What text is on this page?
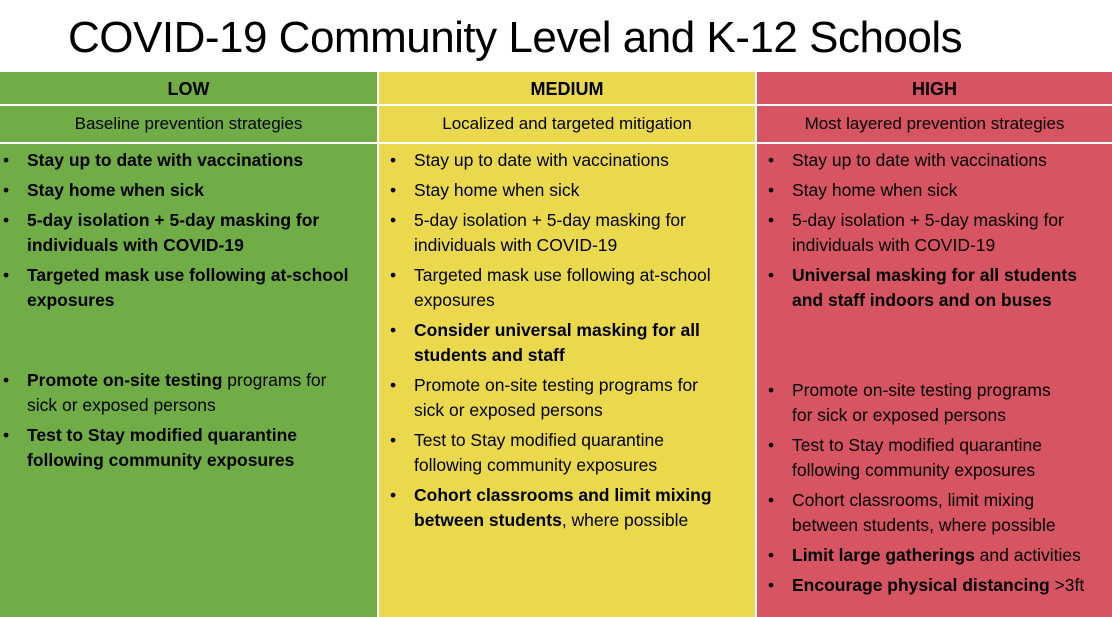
COVID-19 Community Level and K-12 Schools
LOW
Baseline prevention strategies
• Stay up to date with vaccinations
• Stay home when sick
• 5-day isolation + 5-day masking for
individuals with COVID-19
• Targeted mask use following at-school
exposures
• Promote on-site testing programs for
sick or exposed persons
• Test to Stay modified quarantine
following community exposures
MEDIUM
Localized and targeted mitigation
• Stay up to date with vaccinations
• Stay home when sick
• 5-day isolation + 5-day masking for
individuals with COVID-19
• Targeted mask use following at-school
exposures
• Consider universal masking for all
students and staff
• Promote on-site testing programs for
sick or exposed persons
• Test to Stay modified quarantine
following community exposures
• Cohort classrooms and limit mixing
between students, where possible
HIGH
Most layered prevention strategies
• Stay up to date with vaccinations
• Stay home when sick
• 5-day isolation + 5-day masking for
individuals with COVID-19
• Universal masking for all students
and staff indoors and on buses
• Promote on-site testing programs
for sick or exposed persons
• Test to Stay modified quarantine
following community exposures
• Cohort classrooms, limit mixing
between students, where possible
• Limit large gatherings and activities
• Encourage physical distancing >3ft
